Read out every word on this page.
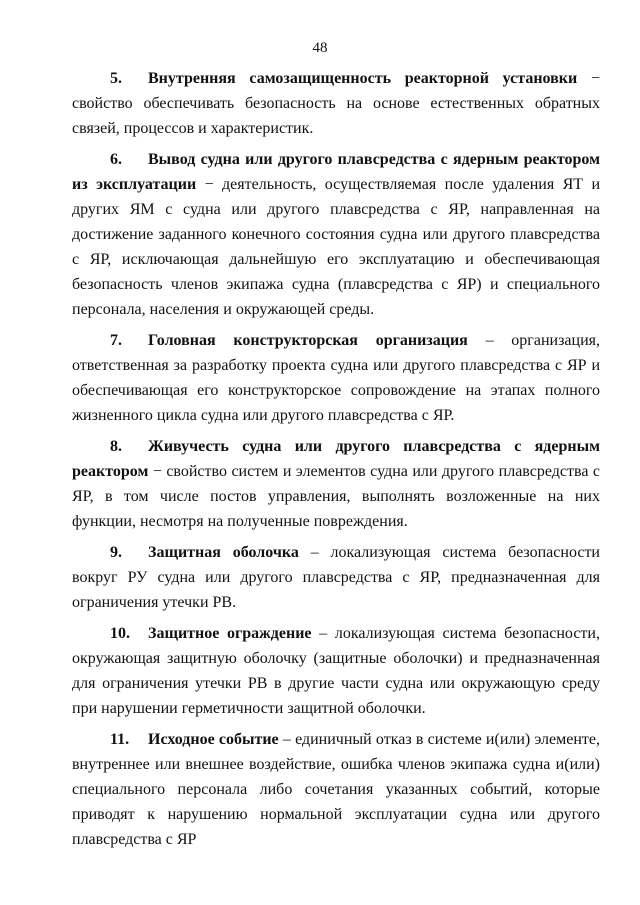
48

5. Внутренняя самозащищенность реакторной установки − свойство обеспечивать безопасность на основе естественных обратных связей, процессов и характеристик.

6. Вывод судна или другого плавсредства с ядерным реактором из эксплуатации − деятельность, осуществляемая после удаления ЯТ и других ЯМ с судна или другого плавсредства с ЯР, направленная на достижение заданного конечного состояния судна или другого плавсредства с ЯР, исключающая дальнейшую его эксплуатацию и обеспечивающая безопасность членов экипажа судна (плавсредства с ЯР) и специального персонала, населения и окружающей среды.

7. Головная конструкторская организация – организация, ответственная за разработку проекта судна или другого плавсредства с ЯР и обеспечивающая его конструкторское сопровождение на этапах полного жизненного цикла судна или другого плавсредства с ЯР.

8. Живучесть судна или другого плавсредства с ядерным реактором − свойство систем и элементов судна или другого плавсредства с ЯР, в том числе постов управления, выполнять возложенные на них функции, несмотря на полученные повреждения.

9. Защитная оболочка – локализующая система безопасности вокруг РУ судна или другого плавсредства с ЯР, предназначенная для ограничения утечки РВ.

10. Защитное ограждение – локализующая система безопасности, окружающая защитную оболочку (защитные оболочки) и предназначенная для ограничения утечки РВ в другие части судна или окружающую среду при нарушении герметичности защитной оболочки.

11. Исходное событие – единичный отказ в системе и(или) элементе, внутреннее или внешнее воздействие, ошибка членов экипажа судна и(или) специального персонала либо сочетания указанных событий, которые приводят к нарушению нормальной эксплуатации судна или другого плавсредства с ЯР
